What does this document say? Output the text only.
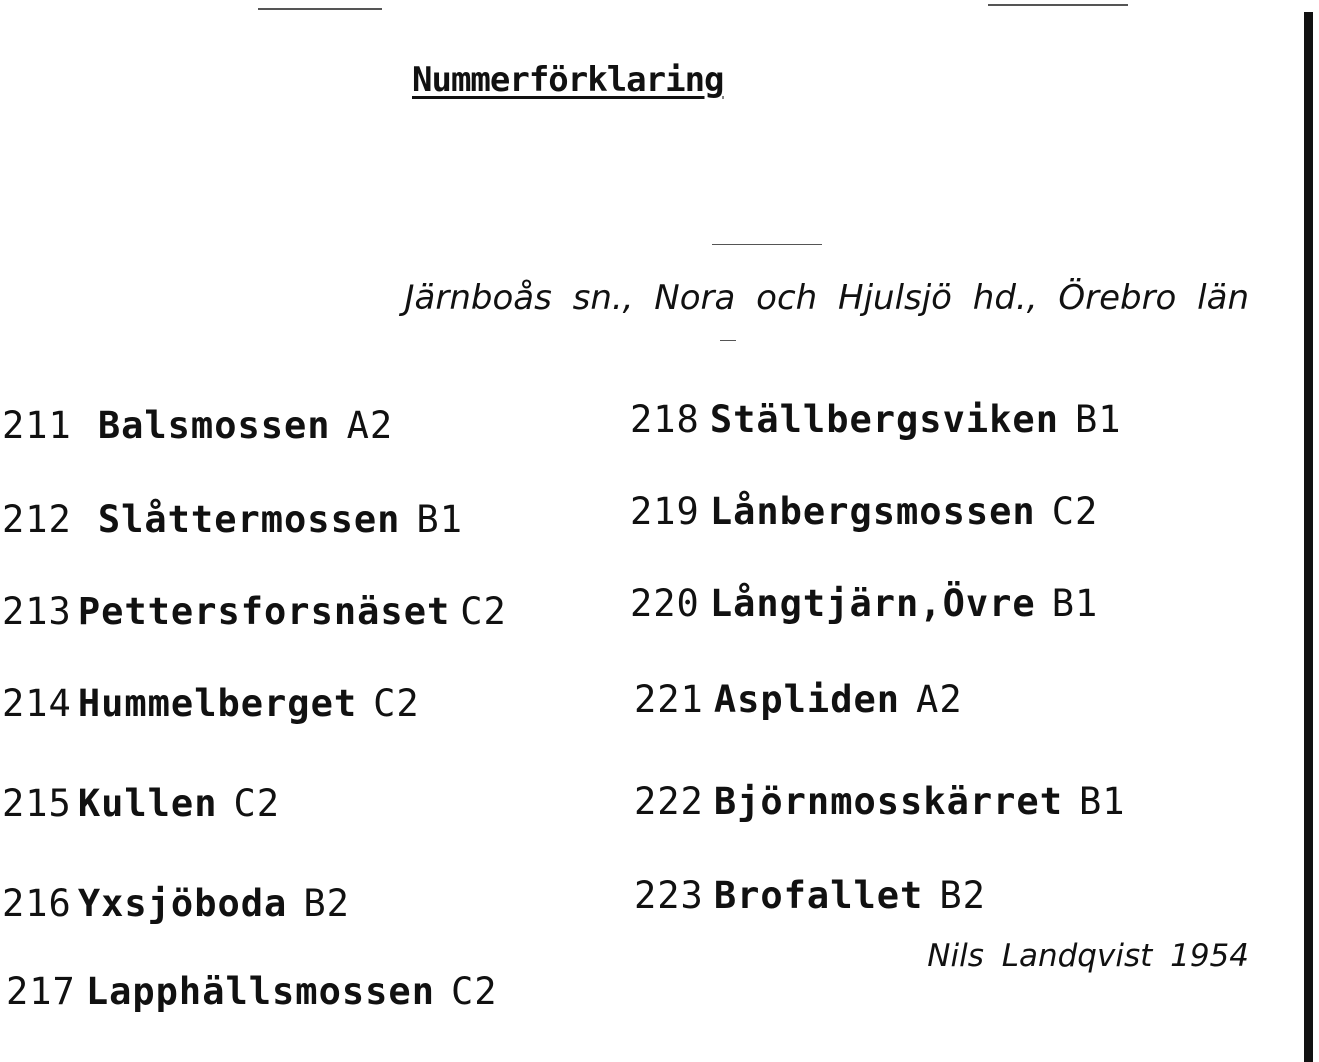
Nummerförklaring
Järnboås sn., Nora och Hjulsjö hd., Örebro län
211 Balsmossen A2
212 Slåttermossen B1
213 Pettersforsnäset C2
214 Hummelberget C2
215 Kullen C2
216 Yxsjöboda B2
217 Lapphällsmossen C2
218 Ställbergsviken B1
219 Lånbergsmossen C2
220 Långtjärn,Övre B1
221 Aspliden A2
222 Björnmosskärret B1
223 Brofallet B2
Nils Landqvist 1954
